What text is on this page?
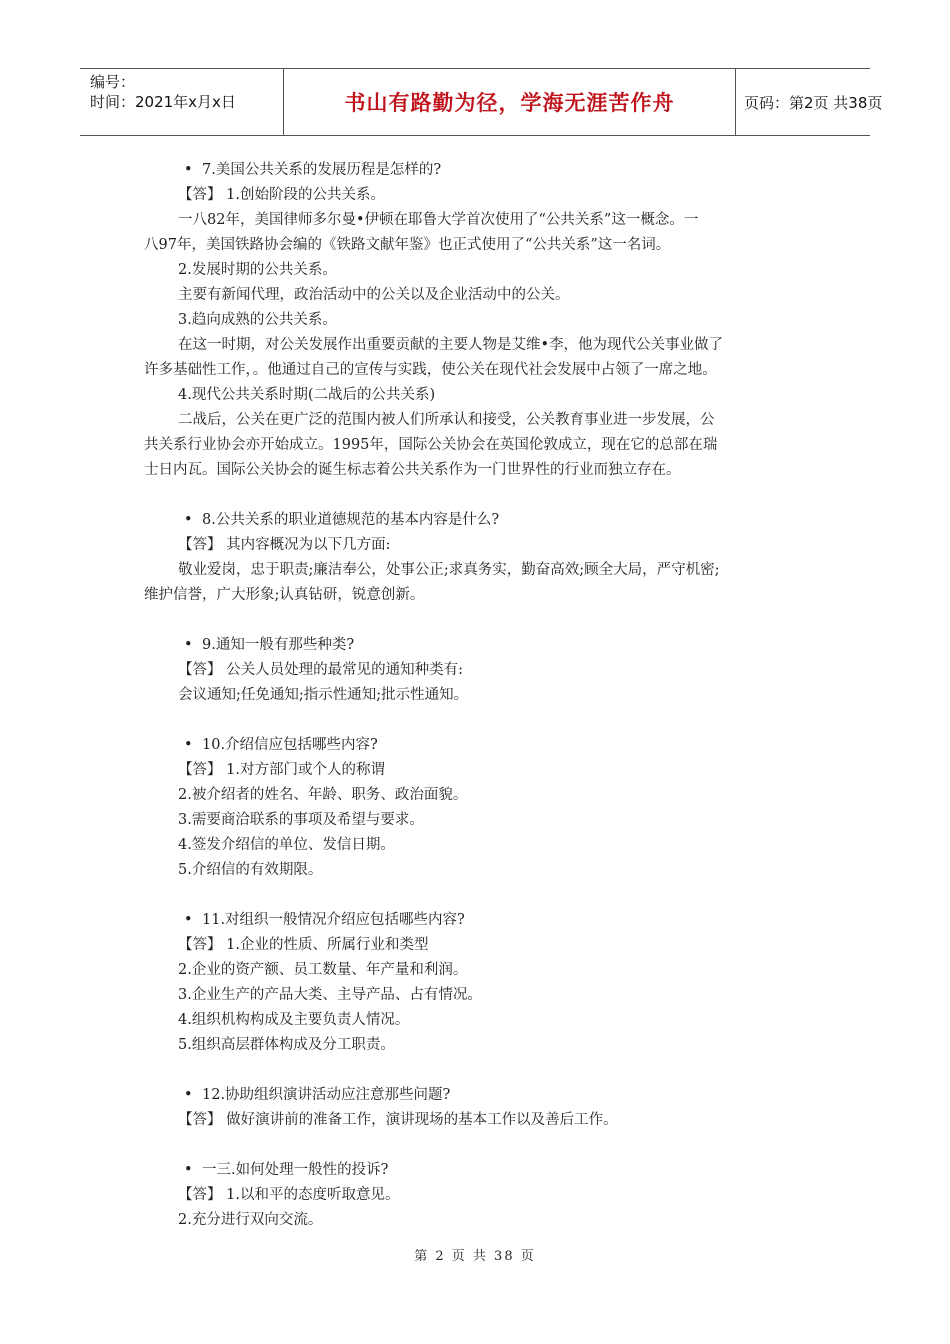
编号：
时间：2021年x月x日	书山有路勤为径，学海无涯苦作舟	页码：第2页 共38页

• 7.美国公共关系的发展历程是怎样的?

【答】 1.创始阶段的公共关系。

一八82年，美国律师多尔曼•伊顿在耶鲁大学首次使用了“公共关系”这一概念。一

八97年，美国铁路协会编的《铁路文献年鉴》也正式使用了“公共关系”这一名词。

2.发展时期的公共关系。

主要有新闻代理，政治活动中的公关以及企业活动中的公关。

3.趋向成熟的公共关系。

在这一时期，对公关发展作出重要贡献的主要人物是艾维•李，他为现代公关事业做了

许多基础性工作，。他通过自己的宣传与实践，使公关在现代社会发展中占领了一席之地。

4.现代公共关系时期(二战后的公共关系)

二战后，公关在更广泛的范围内被人们所承认和接受，公关教育事业进一步发展，公

共关系行业协会亦开始成立。1995年，国际公关协会在英国伦敦成立，现在它的总部在瑞

士日内瓦。国际公关协会的诞生标志着公共关系作为一门世界性的行业而独立存在。

• 8.公共关系的职业道德规范的基本内容是什么?

【答】 其内容概况为以下几方面:

敬业爱岗，忠于职责;廉洁奉公，处事公正;求真务实，勤奋高效;顾全大局，严守机密;

维护信誉，广大形象;认真钻研，锐意创新。

• 9.通知一般有那些种类?

【答】 公关人员处理的最常见的通知种类有:

会议通知;任免通知;指示性通知;批示性通知。

• 10.介绍信应包括哪些内容?

【答】 1.对方部门或个人的称谓

2.被介绍者的姓名、年龄、职务、政治面貌。

3.需要商洽联系的事项及希望与要求。

4.签发介绍信的单位、发信日期。

5.介绍信的有效期限。

• 11.对组织一般情况介绍应包括哪些内容?

【答】 1.企业的性质、所属行业和类型

2.企业的资产额、员工数量、年产量和利润。

3.企业生产的产品大类、主导产品、占有情况。

4.组织机构构成及主要负责人情况。

5.组织高层群体构成及分工职责。

• 12.协助组织演讲活动应注意那些问题?

【答】 做好演讲前的准备工作，演讲现场的基本工作以及善后工作。

• 一三.如何处理一般性的投诉?

【答】 1.以和平的态度听取意见。

2.充分进行双向交流。

第 2 页 共 38 页
